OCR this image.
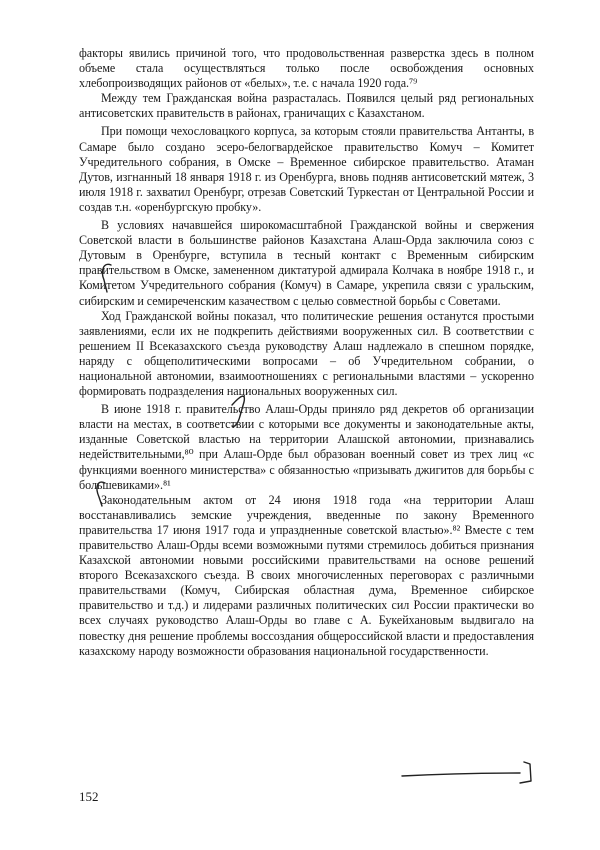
факторы явились причиной того, что продовольственная разверстка здесь в полном объеме стала осуществляться только после освобождения основных хлебопроизводящих районов от «белых», т.е. с начала 1920 года.⁷⁹

Между тем Гражданская война разрасталась. Появился целый ряд региональных антисоветских правительств в районах, граничащих с Казахстаном.

При помощи чехословацкого корпуса, за которым стояли правительства Антанты, в Самаре было создано эсеро-белогвардейское правительство Комуч – Комитет Учредительного собрания, в Омске – Временное сибирское правительство. Атаман Дутов, изгнанный 18 января 1918 г. из Оренбурга, вновь подняв антисоветский мятеж, 3 июля 1918 г. захватил Оренбург, отрезав Советский Туркестан от Центральной России и создав т.н. «оренбургскую пробку».

В условиях начавшейся широкомасштабной Гражданской войны и свержения Советской власти в большинстве районов Казахстана Алаш-Орда заключила союз с Дутовым в Оренбурге, вступила в тесный контакт с Временным сибирским правительством в Омске, замененном диктатурой адмирала Колчака в ноябре 1918 г., и Комитетом Учредительного собрания (Комуч) в Самаре, укрепила связи с уральским, сибирским и семиреченским казачеством с целью совместной борьбы с Советами.

Ход Гражданской войны показал, что политические решения останутся простыми заявлениями, если их не подкрепить действиями вооруженных сил. В соответствии с решением II Всеказахского съезда руководству Алаш надлежало в спешном порядке, наряду с общеполитическими вопросами – об Учредительном собрании, о национальной автономии, взаимоотношениях с региональными властями – ускоренно формировать подразделения национальных вооруженных сил.

В июне 1918 г. правительство Алаш-Орды приняло ряд декретов об организации власти на местах, в соответствии с которыми все документы и законодательные акты, изданные Советской властью на территории Алашской автономии, признавались недействительными,⁸⁰ при Алаш-Орде был образован военный совет из трех лиц «с функциями военного министерства» с обязанностью «призывать джигитов для борьбы с большевиками».⁸¹

Законодательным актом от 24 июня 1918 года «на территории Алаш восстанавливались земские учреждения, введенные по закону Временного правительства 17 июня 1917 года и упраздненные советской властью».⁸² Вместе с тем правительство Алаш-Орды всеми возможными путями стремилось добиться признания Казахской автономии новыми российскими правительствами на основе решений второго Всеказахского съезда. В своих многочисленных переговорах с различными правительствами (Комуч, Сибирская областная дума, Временное сибирское правительство и т.д.) и лидерами различных политических сил России практически во всех случаях руководство Алаш-Орды во главе с А. Букейхановым выдвигало на повестку дня решение проблемы воссоздания общероссийской власти и предоставления казахскому народу возможности образования национальной государственности.

152
